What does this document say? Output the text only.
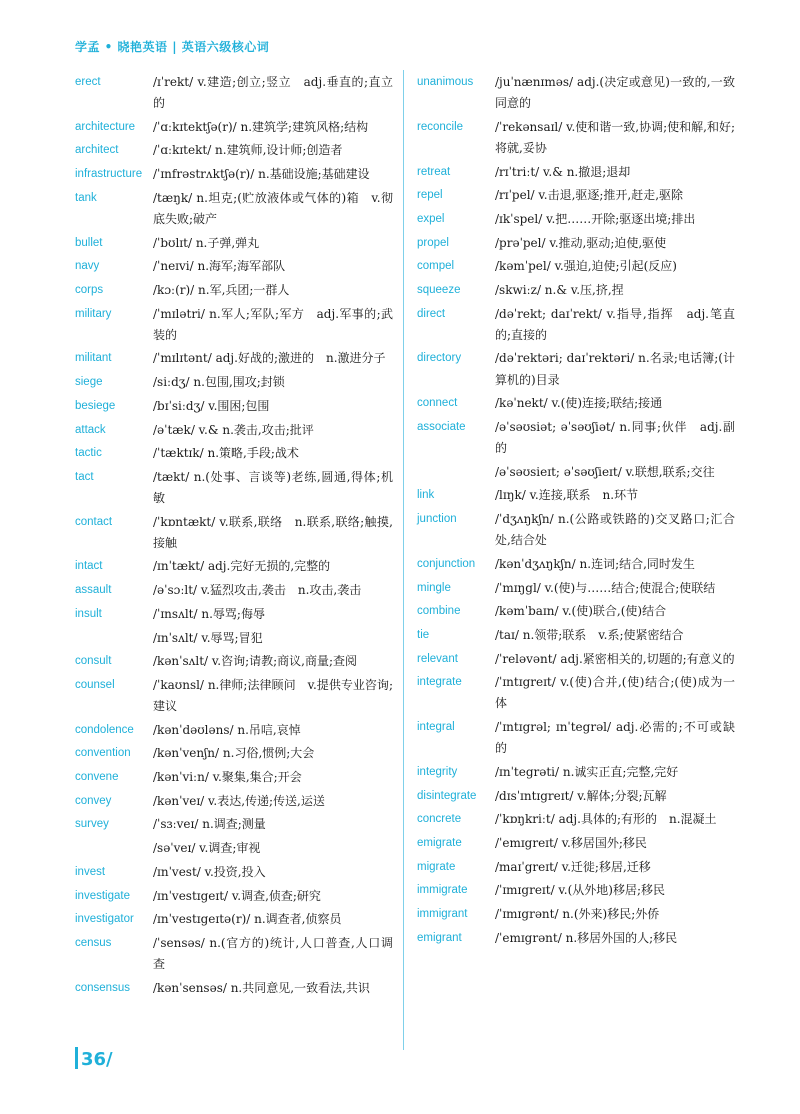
学孟 • 晓艳英语 | 英语六级核心词
erect	/ɪˈrekt/ v.建造;创立;竖立　adj.垂直的;直立的
architecture	/ˈɑːkɪtektʃə(r)/ n.建筑学;建筑风格;结构
architect	/ˈɑːkɪtekt/ n.建筑师,设计师;创造者
infrastructure /ˈɪnfrəstrʌktʃə(r)/ n.基础设施;基础建设
tank	/tæŋk/ n.坦克;(贮放液体或气体的)箱　v.彻底失败;破产
bullet	/ˈbʊlɪt/ n.子弹,弹丸
navy	/ˈneɪvi/ n.海军;海军部队
corps	/kɔː(r)/ n.军,兵团;一群人
military	/ˈmɪlətri/ n.军人;军队;军方　adj.军事的;武装的
militant	/ˈmɪlɪtənt/ adj.好战的;激进的　n.激进分子
siege	/siːdʒ/ n.包围,围攻;封锁
besiege	/bɪˈsiːdʒ/ v.围困;包围
attack	/əˈtæk/ v.& n.袭击,攻击;批评
tactic	/ˈtæktɪk/ n.策略,手段;战术
tact	/tækt/ n.(处事、言谈等)老练,圆通,得体;机敏
contact	/ˈkɒntækt/ v.联系,联络　n.联系,联络;触摸,接触
intact	/ɪnˈtækt/ adj.完好无损的,完整的
assault	/əˈsɔːlt/ v.猛烈攻击,袭击　n.攻击,袭击
insult	/ˈɪnsʌlt/ n.辱骂;侮辱
/ɪnˈsʌlt/ v.辱骂;冒犯
consult	/kənˈsʌlt/ v.咨询;请教;商议,商量;查阅
counsel	/ˈkaʊnsl/ n.律师;法律顾问　v.提供专业咨询;建议
condolence	/kənˈdəʊləns/ n.吊唁,哀悼
convention	/kənˈvenʃn/ n.习俗,惯例;大会
convene	/kənˈviːn/ v.聚集,集合;开会
convey	/kənˈveɪ/ v.表达,传递;传送,运送
survey	/ˈsɜːveɪ/ n.调查;测量
/səˈveɪ/ v.调查;审视
invest	/ɪnˈvest/ v.投资,投入
investigate	/ɪnˈvestɪgeɪt/ v.调查,侦查;研究
investigator	/ɪnˈvestɪgeɪtə(r)/ n.调查者,侦察员
census	/ˈsensəs/ n.(官方的)统计,人口普查,人口调查
consensus	/kənˈsensəs/ n.共同意见,一致看法,共识
unanimous	/juˈnænɪməs/ adj.(决定或意见)一致的,一致同意的
reconcile	/ˈrekənsaɪl/ v.使和谐一致,协调;使和解,和好;将就,妥协
retreat	/rɪˈtriːt/ v.& n.撤退;退却
repel	/rɪˈpel/ v.击退,驱逐;推开,赶走,驱除
expel	/ɪkˈspel/ v.把……开除;驱逐出境;排出
propel	/prəˈpel/ v.推动,驱动;迫使,驱使
compel	/kəmˈpel/ v.强迫,迫使;引起(反应)
squeeze	/skwiːz/ n.& v.压,挤,捏
direct	/dəˈrekt; daɪˈrekt/ v.指导,指挥　adj.笔直的;直接的
directory	/dəˈrektəri; daɪˈrektəri/ n.名录;电话簿;(计算机的)目录
connect	/kəˈnekt/ v.(使)连接;联结;接通
associate	/əˈsəʊsiət; əˈsəʊʃiət/ n.同事;伙伴　adj.副的
/əˈsəʊsieɪt; əˈsəʊʃieɪt/ v.联想,联系;交往
link	/lɪŋk/ v.连接,联系　n.环节
junction	/ˈdʒʌŋkʃn/ n.(公路或铁路的)交叉路口;汇合处,结合处
conjunction	/kənˈdʒʌŋkʃn/ n.连词;结合,同时发生
mingle	/ˈmɪŋgl/ v.(使)与……结合;使混合;使联结
combine	/kəmˈbaɪn/ v.(使)联合,(使)结合
tie	/taɪ/ n.领带;联系　v.系;使紧密结合
relevant	/ˈreləvənt/ adj.紧密相关的,切题的;有意义的
integrate	/ˈɪntɪgreɪt/ v.(使)合并,(使)结合;(使)成为一体
integral	/ˈɪntɪgrəl; ɪnˈtegrəl/ adj.必需的;不可或缺的
integrity	/ɪnˈtegrəti/ n.诚实正直;完整,完好
disintegrate	/dɪsˈɪntɪgreɪt/ v.解体;分裂;瓦解
concrete	/ˈkɒŋkriːt/ adj.具体的;有形的　n.混凝土
emigrate	/ˈemɪgreɪt/ v.移居国外;移民
migrate	/maɪˈgreɪt/ v.迁徙;移居,迁移
immigrate	/ˈɪmɪgreɪt/ v.(从外地)移居;移民
immigrant	/ˈɪmɪgrənt/ n.(外来)移民;外侨
emigrant	/ˈemɪgrənt/ n.移居外国的人;移民
36/
